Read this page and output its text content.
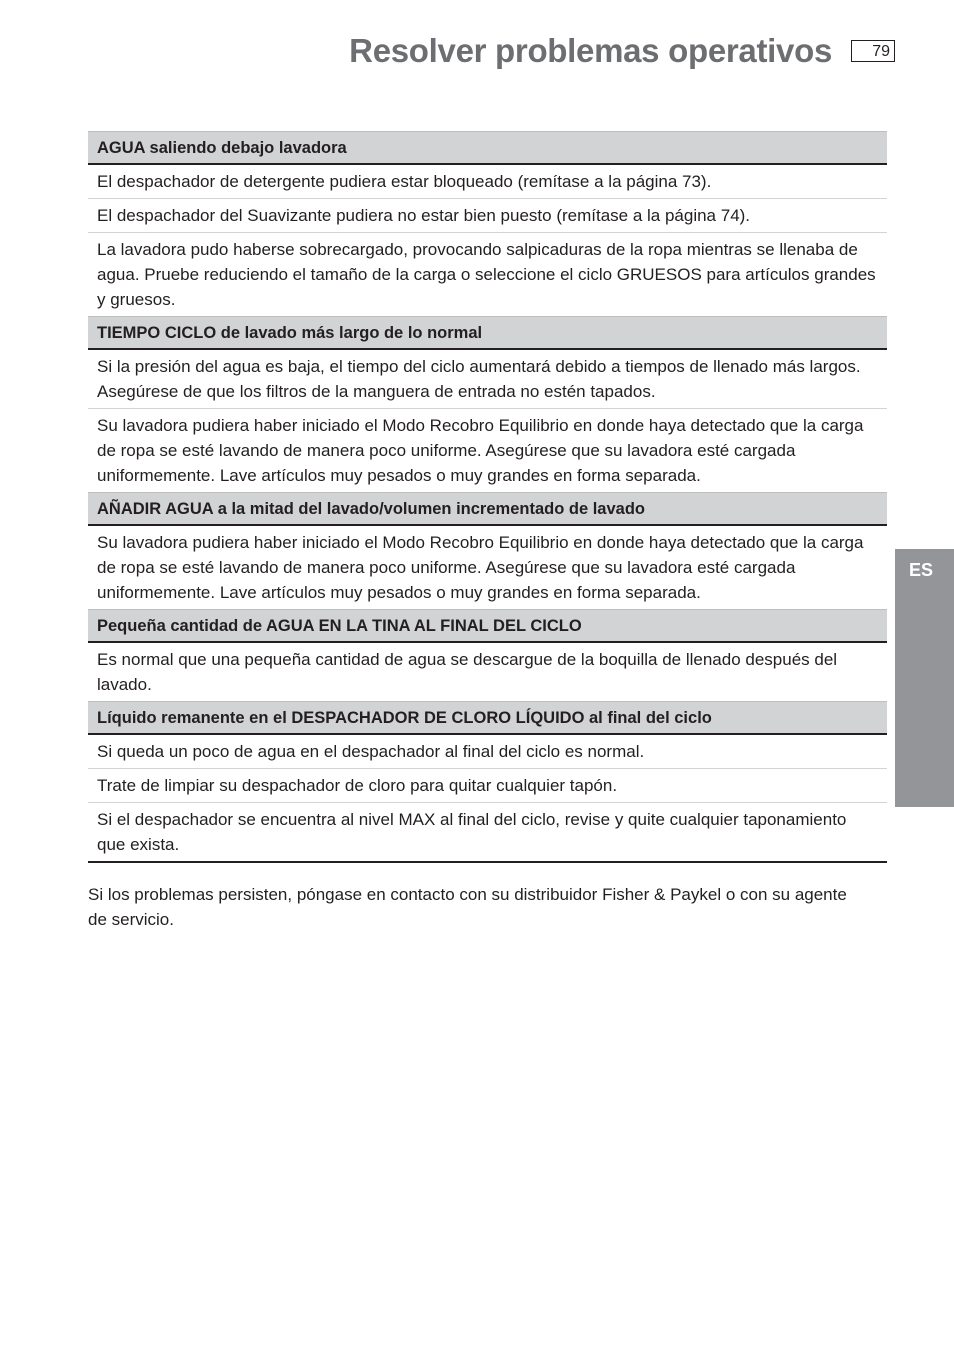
Resolver problemas operativos	79
ES
AGUA saliendo debajo lavadora
El despachador de detergente pudiera estar bloqueado (remítase a la página 73).
El despachador del Suavizante pudiera no estar bien puesto (remítase a la página 74).
La lavadora pudo haberse sobrecargado, provocando salpicaduras de la ropa mientras se llenaba de agua. Pruebe reduciendo el tamaño de la carga o seleccione el ciclo GRUESOS para artículos grandes y gruesos.
TIEMPO CICLO de lavado más largo de lo normal
Si la presión del agua es baja, el tiempo del ciclo aumentará debido a tiempos de llenado más largos. Asegúrese de que los filtros de la manguera de entrada no estén tapados.
Su lavadora pudiera haber iniciado el Modo Recobro Equilibrio en donde haya detectado que la carga de ropa se esté lavando de manera poco uniforme. Asegúrese que su lavadora esté cargada uniformemente. Lave artículos muy pesados o muy grandes en forma separada.
AÑADIR AGUA a la mitad del lavado/volumen incrementado de lavado
Su lavadora pudiera haber iniciado el Modo Recobro Equilibrio en donde haya detectado que la carga de ropa se esté lavando de manera poco uniforme. Asegúrese que su lavadora esté cargada uniformemente. Lave artículos muy pesados o muy grandes en forma separada.
Pequeña cantidad de AGUA EN LA TINA AL FINAL DEL CICLO
Es normal que una pequeña cantidad de agua se descargue de la boquilla de llenado después del lavado.
Líquido remanente en el DESPACHADOR DE CLORO LÍQUIDO al final del ciclo
Si queda un poco de agua en el despachador al final del ciclo es normal.
Trate de limpiar su despachador de cloro para quitar cualquier tapón.
Si el despachador se encuentra al nivel MAX al final del ciclo, revise y quite cualquier taponamiento que exista.
Si los problemas persisten, póngase en contacto con su distribuidor Fisher & Paykel o con su agente de servicio.
